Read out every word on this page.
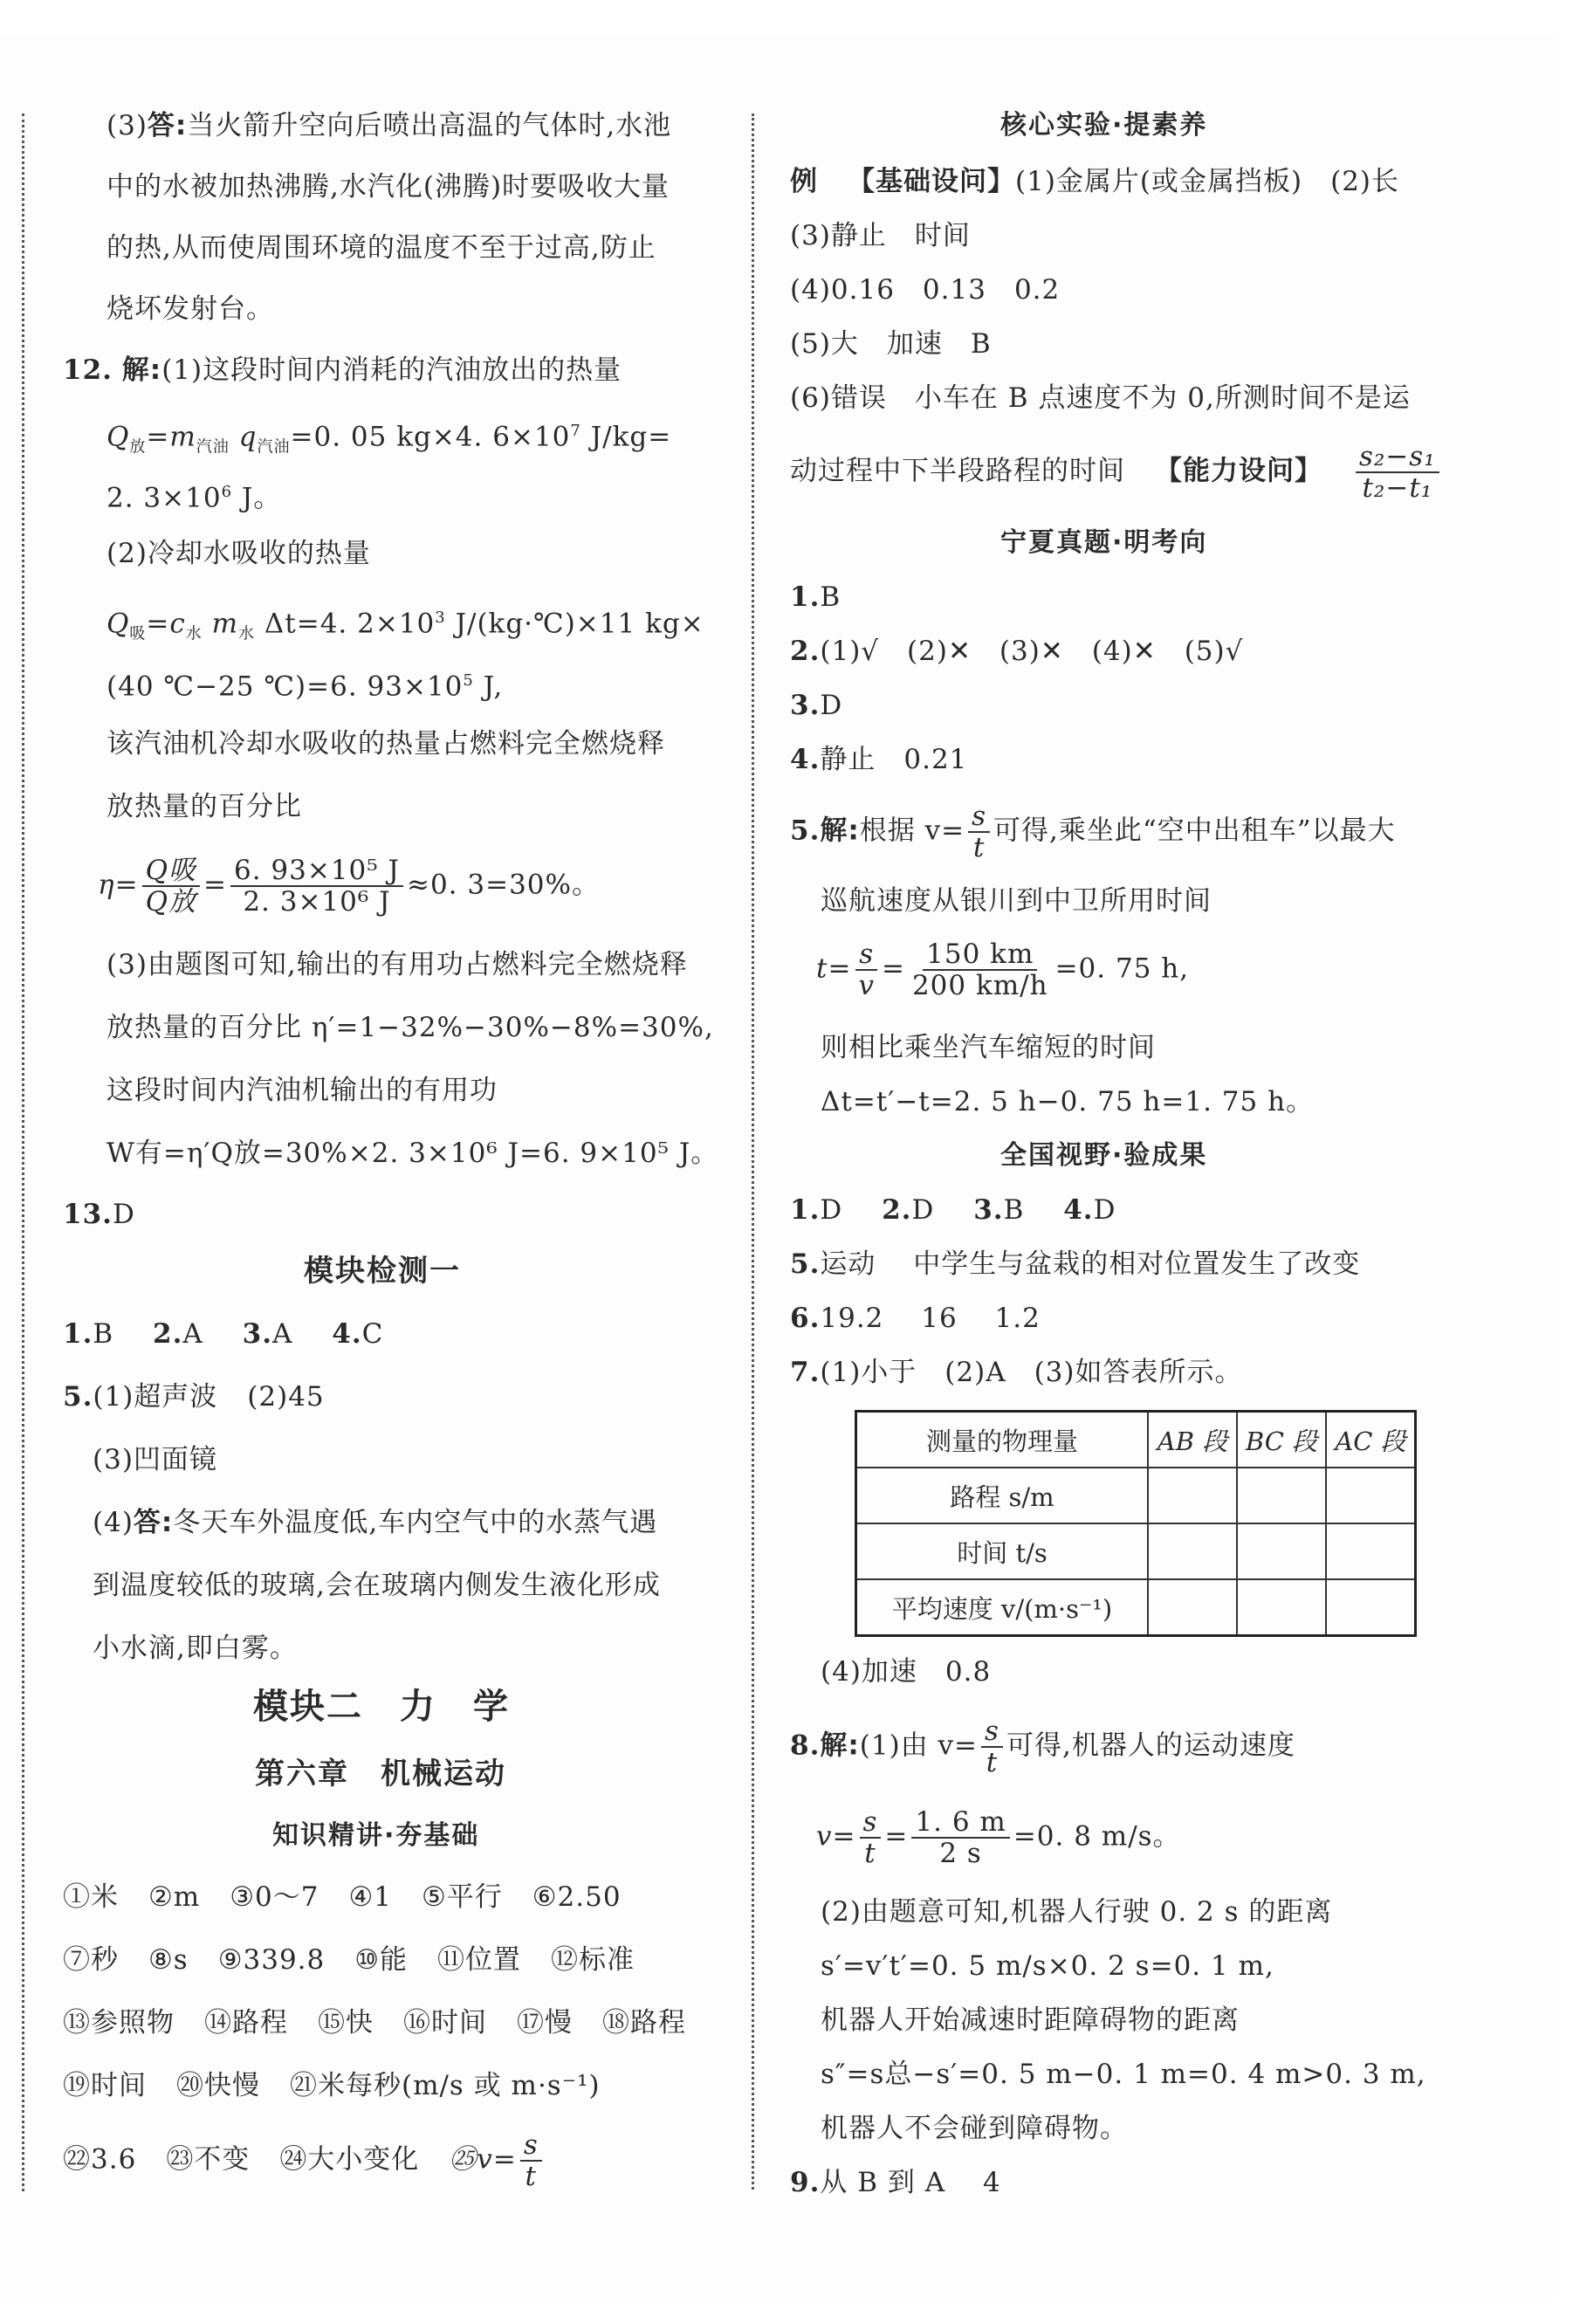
(3)答:当火箭升空向后喷出高温的气体时,水池
中的水被加热沸腾,水汽化(沸腾)时要吸收大量
的热,从而使周围环境的温度不至于过高,防止
烧坏发射台。
12. 解:(1)这段时间内消耗的汽油放出的热量
$Q_放=m_{汽油}$ $q_{汽油}=0$. 05 kg×4. $6\times 10^7$ J/kg=
2. $3\times 10^6$ J。
(2)冷却水吸收的热量
$Q_吸=c_水$ $m_水$ Δt=4. $2\times 10^3$ J/(kg·℃)×11 kg×
(40 ℃−25 ℃)=6. $93\times 10^5$ J,
该汽油机冷却水吸收的热量占燃料完全燃烧释
放热量的百分比
$\eta= \frac{\text{Q吸}}{\text{Q放}} = \frac{\text{6. 93×10⁵ J}}{\text{2. 3×10⁶ J}} \approx 0$. 3=30%。
(3)由题图可知,输出的有用功占燃料完全燃烧释
放热量的百分比 η′=1−32%−30%−8%=30%,
这段时间内汽油机输出的有用功
W有=η′Q放=30%×2. 3×10⁶ J=6. 9×10⁵ J。
13.D
模块检测一
1.B 2.A 3.A 4.C
5.(1)超声波 (2)45
(3)凹面镜
(4)答:冬天车外温度低,车内空气中的水蒸气遇
到温度较低的玻璃,会在玻璃内侧发生液化形成
小水滴,即白雾。
模块二　力　学
第六章　机械运动
知识精讲·夯基础
①米 ②m ③0～7 ④1 ⑤平行 ⑥2.50
⑦秒 ⑧s ⑨339.8 ⑩能 ⑪位置 ⑫标准
⑬参照物 ⑭路程 ⑮快 ⑯时间 ⑰慢 ⑱路程
⑲时间 ⑳快慢 ㉑米每秒(m/s 或 m·s⁻¹)
㉒3.6 ㉓不变 ㉔大小变化 ㉕v= $\frac{s}{t}$
核心实验·提素养
例 【基础设问】(1)金属片(或金属挡板)　(2)长
(3)静止　时间
(4)0.16　0.13　0.2
(5)大　加速　B
(6)错误　小车在 B 点速度不为 0,所测时间不是运
动过程中下半段路程的时间 【能力设问】 $\frac{\text{s₂−s₁}}{\text{t₂−t₁}}$
宁夏真题·明考向
1.B
2.(1)√　(2)✕　(3)✕　(4)✕　(5)√
3.D
4.静止　0.21
5.解:根据 $v= \frac{s}{t}$ 可得,乘坐此“空中出租车”以最大
巡航速度从银川到中卫所用时间
$t= \frac{s}{v} = \frac{150 km}{200 km/h} =0$. 75 h,
则相比乘坐汽车缩短的时间
Δt=t′−t=2. 5 h−0. 75 h=1. 75 h。
全国视野·验成果
1.D 2.D 3.B 4.D
5.运动　 中学生与盆栽的相对位置发生了改变
6.19.2　 16　 1.2
7.(1)小于　(2)A　(3)如答表所示。
测量的物理量	AB 段	BC 段	AC 段
路程 s/m			
时间 t/s			
平均速度 v/(m·s⁻¹)			
(4)加速　0.8
8.解:(1)由 $v= \frac{s}{t}$ 可得,机器人的运动速度
$v= \frac{s}{t} = \frac{1. 6 m}{2 s} =0$. 8 m/s。
(2)由题意可知,机器人行驶 0. 2 s 的距离
s′=v′t′=0. 5 m/s×0. 2 s=0. 1 m,
机器人开始减速时距障碍物的距离
s″=s总−s′=0. 5 m−0. 1 m=0. 4 m>0. 3 m,
机器人不会碰到障碍物。
9.从 B 到 A　 4
